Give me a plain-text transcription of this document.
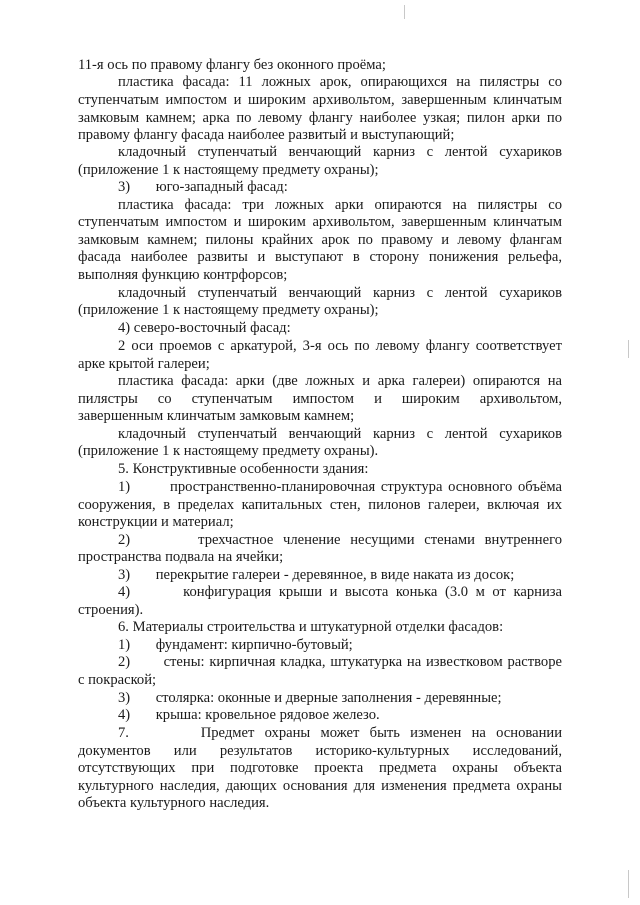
11-я ось по правому флангу без оконного проёма;

пластика фасада: 11 ложных арок, опирающихся на пилястры со

ступенчатым импостом и широким архивольтом, завершенным клинчатым

замковым камнем; арка по левому флангу наиболее узкая; пилон арки по

правому флангу фасада наиболее развитый и выступающий;

кладочный ступенчатый венчающий карниз с лентой сухариков

(приложение 1 к настоящему предмету охраны);

3)       юго-западный фасад:

пластика фасада: три ложных арки опираются на пилястры со

ступенчатым импостом и широким архивольтом, завершенным клинчатым

замковым камнем; пилоны крайних арок по правому и левому флангам

фасада наиболее развиты и выступают в сторону понижения рельефа,

выполняя функцию контрфорсов;

кладочный ступенчатый венчающий карниз с лентой сухариков

(приложение 1 к настоящему предмету охраны);

4) северо-восточный фасад:

2 оси проемов с аркатурой, 3-я ось по левому флангу соответствует

арке крытой галереи;

пластика фасада: арки (две ложных и арка галереи) опираются на

пилястры со ступенчатым импостом и широким архивольтом,

завершенным клинчатым замковым камнем;

кладочный ступенчатый венчающий карниз с лентой сухариков

(приложение 1 к настоящему предмету охраны).

5. Конструктивные особенности здания:

1)       пространственно-планировочная структура основного объёма

сооружения, в пределах капитальных стен, пилонов галереи, включая их

конструкции и материал;

2)       трехчастное членение несущими стенами внутреннего

пространства подвала на ячейки;

3)       перекрытие галереи - деревянное, в виде наката из досок;

4)       конфигурация крыши и высота конька (3.0 м от карниза

строения).

6. Материалы строительства и штукатурной отделки фасадов:

1)       фундамент: кирпично-бутовый;

2)       стены: кирпичная кладка, штукатурка на известковом растворе

с покраской;

3)       столярка: оконные и дверные заполнения - деревянные;

4)       крыша: кровельное рядовое железо.

7.       Предмет охраны может быть изменен на основании

документов или результатов историко-культурных исследований,

отсутствующих при подготовке проекта предмета охраны объекта

культурного наследия, дающих основания для изменения предмета охраны

объекта культурного наследия.
